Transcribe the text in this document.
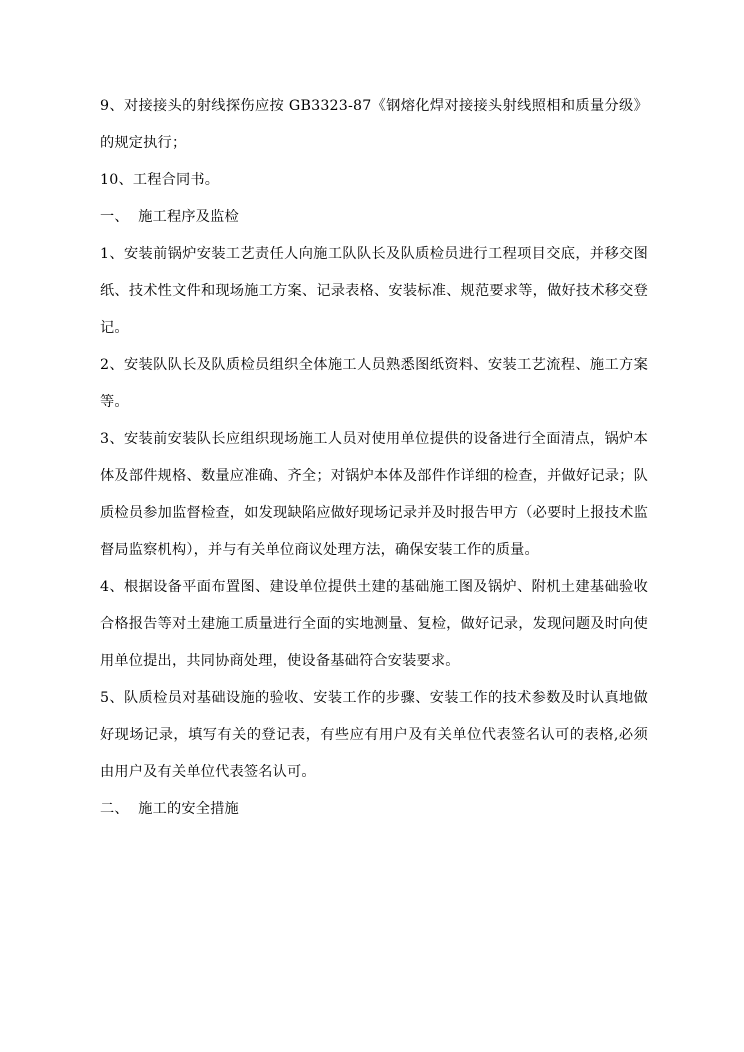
9、对接接头的射线探伤应按 GB3323-87《钢熔化焊对接接头射线照相和质量分级》的规定执行；

10、工程合同书。

一、  施工程序及监检

1、安装前锅炉安装工艺责任人向施工队队长及队质检员进行工程项目交底，并移交图纸、技术性文件和现场施工方案、记录表格、安装标准、规范要求等，做好技术移交登记。

2、安装队队长及队质检员组织全体施工人员熟悉图纸资料、安装工艺流程、施工方案等。

3、安装前安装队长应组织现场施工人员对使用单位提供的设备进行全面清点，锅炉本体及部件规格、数量应准确、齐全；对锅炉本体及部件作详细的检查，并做好记录；队质检员参加监督检查，如发现缺陷应做好现场记录并及时报告甲方（必要时上报技术监督局监察机构），并与有关单位商议处理方法，确保安装工作的质量。

4、根据设备平面布置图、建设单位提供土建的基础施工图及锅炉、附机土建基础验收合格报告等对土建施工质量进行全面的实地测量、复检，做好记录，发现问题及时向使用单位提出，共同协商处理，使设备基础符合安装要求。

5、队质检员对基础设施的验收、安装工作的步骤、安装工作的技术参数及时认真地做好现场记录，填写有关的登记表，有些应有用户及有关单位代表签名认可的表格,必须由用户及有关单位代表签名认可。

二、  施工的安全措施
